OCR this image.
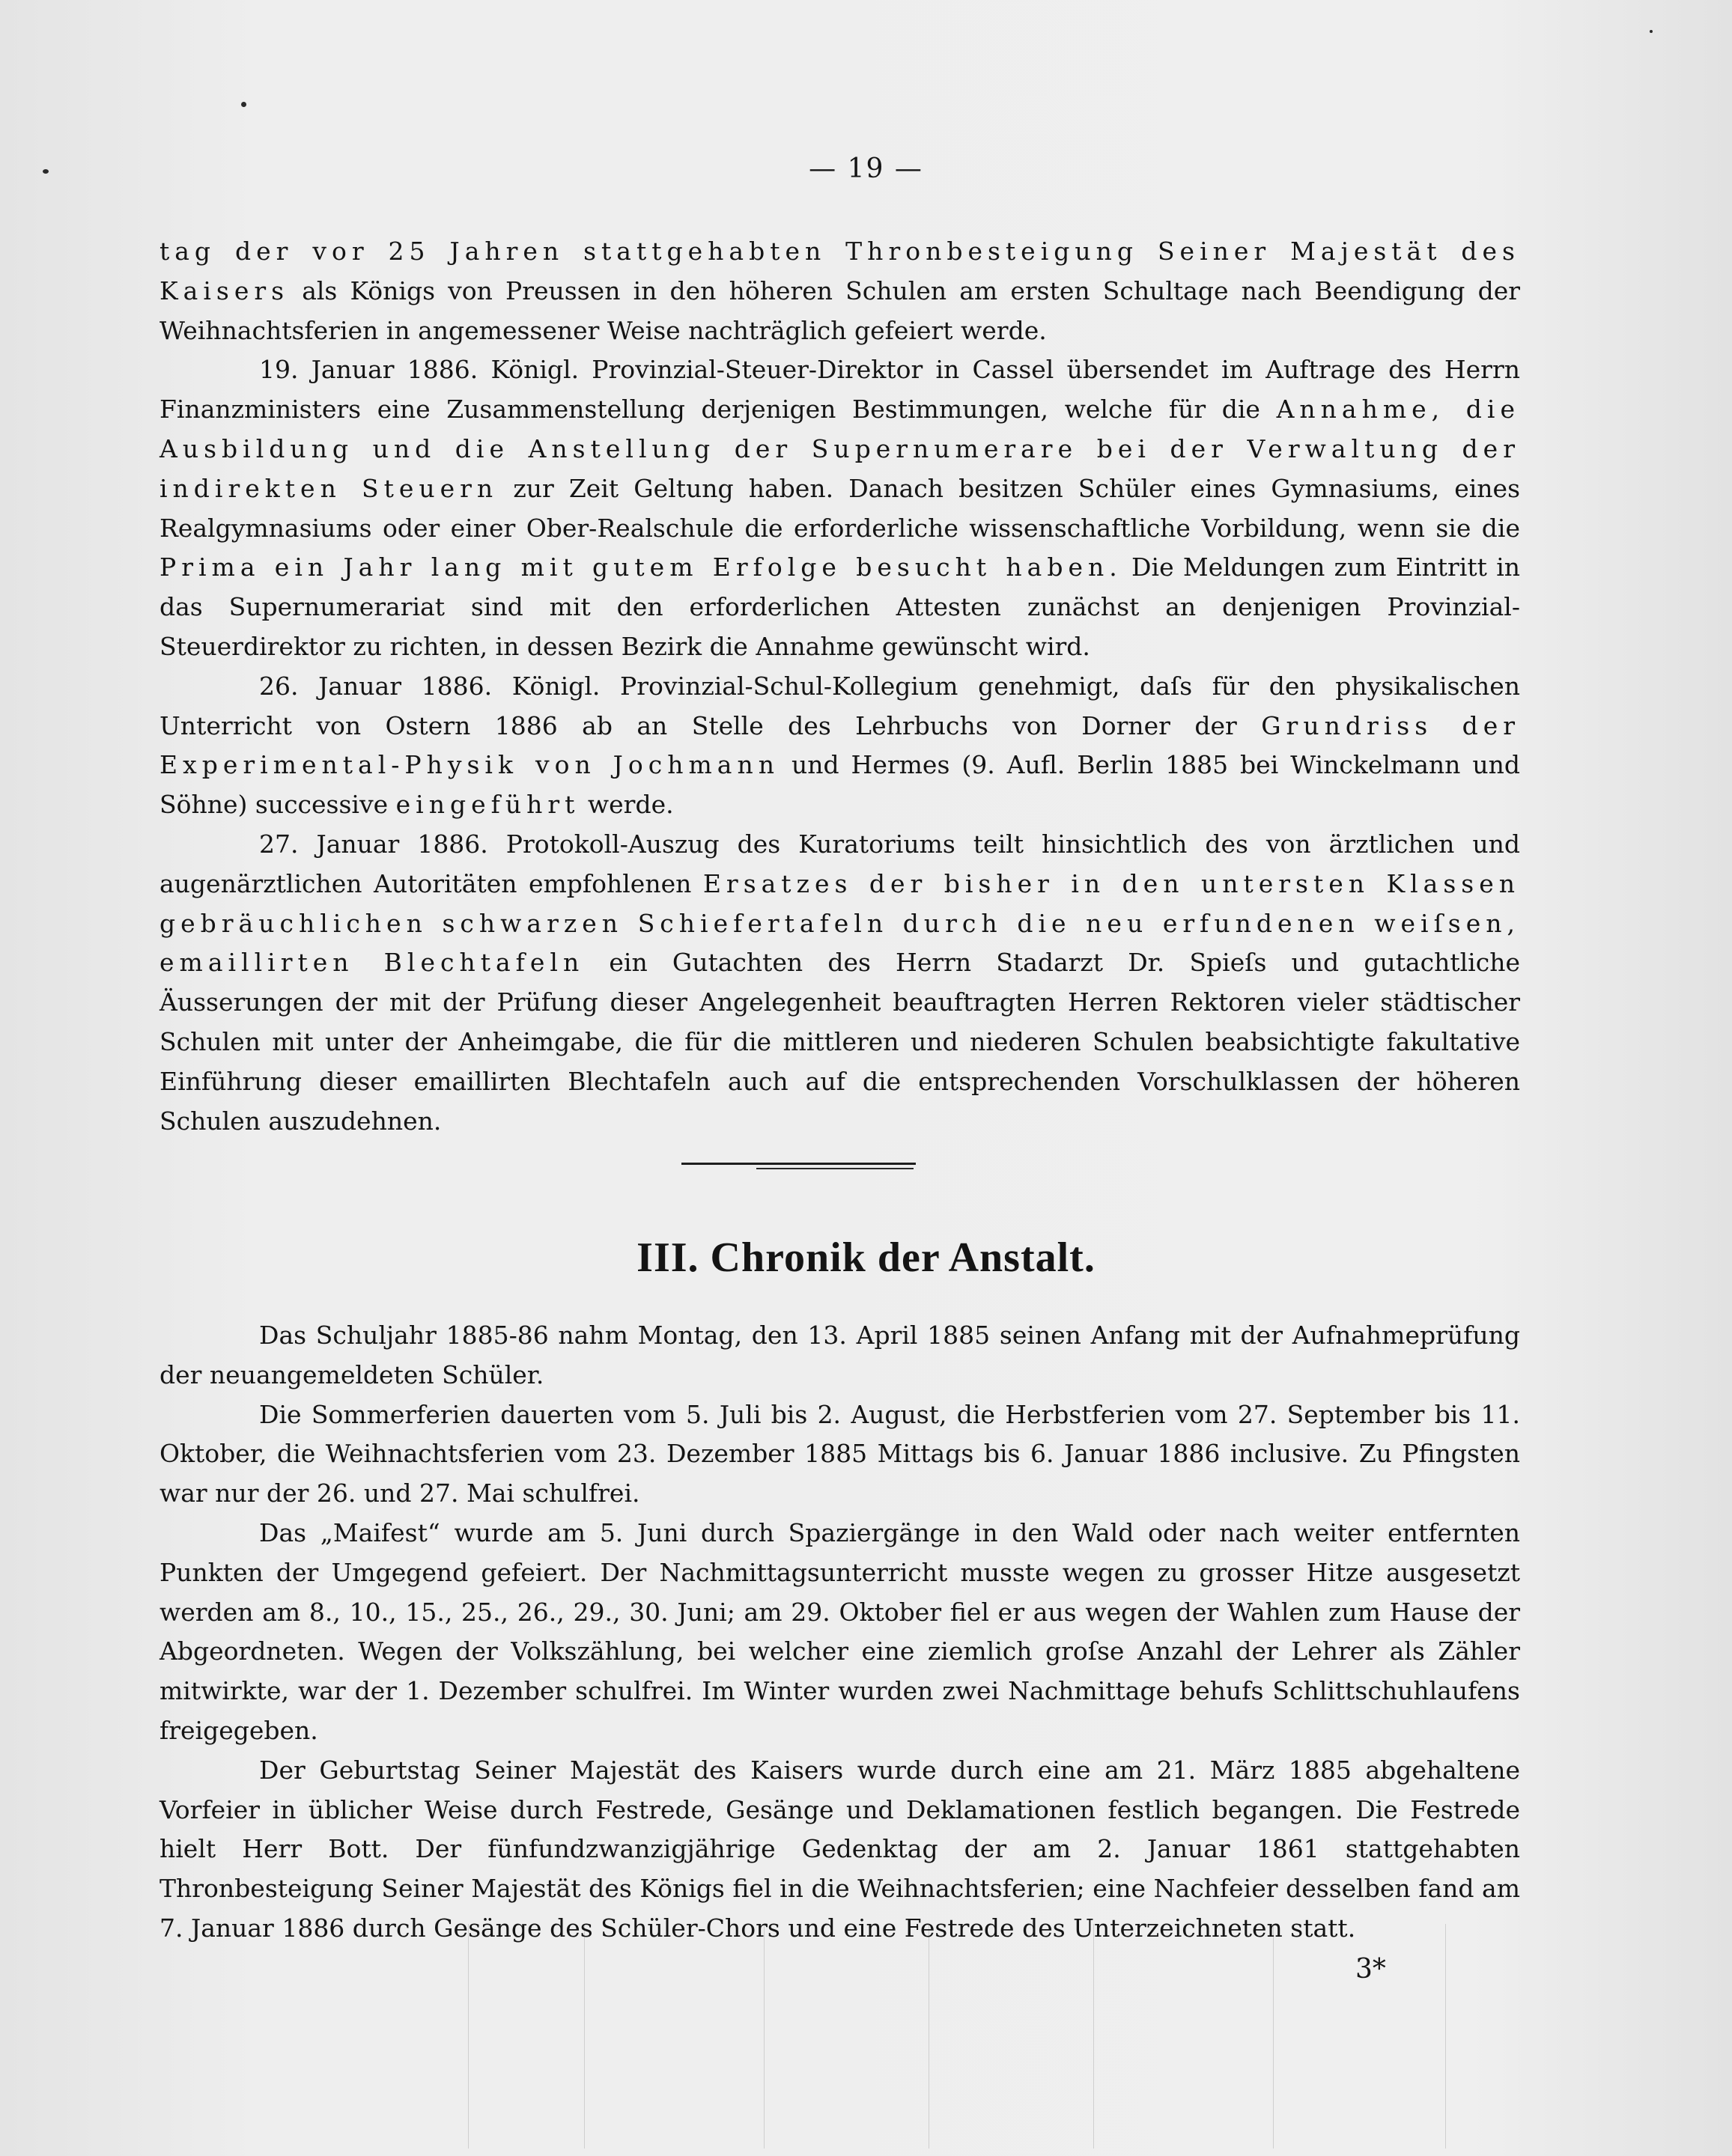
— 19 —

tag der vor 25 Jahren stattgehabten Thronbesteigung Seiner Majestät des Kaisers als Königs von Preussen in den höheren Schulen am ersten Schultage nach Beendigung der Weihnachtsferien in angemessener Weise nachträglich gefeiert werde.

19. Januar 1886. Königl. Provinzial-Steuer-Direktor in Cassel übersendet im Auftrage des Herrn Finanzministers eine Zusammenstellung derjenigen Bestimmungen, welche für die Annahme, die Ausbildung und die Anstellung der Supernumerare bei der Verwaltung der indirekten Steuern zur Zeit Geltung haben. Danach besitzen Schüler eines Gymnasiums, eines Realgymnasiums oder einer Ober-Realschule die erforderliche wissenschaftliche Vorbildung, wenn sie die Prima ein Jahr lang mit gutem Erfolge besucht haben. Die Meldungen zum Eintritt in das Supernumerariat sind mit den erforderlichen Attesten zunächst an denjenigen Provinzial-Steuerdirektor zu richten, in dessen Bezirk die Annahme gewünscht wird.

26. Januar 1886. Königl. Provinzial-Schul-Kollegium genehmigt, daſs für den physikalischen Unterricht von Ostern 1886 ab an Stelle des Lehrbuchs von Dorner der Grundriss der Experimental-Physik von Jochmann und Hermes (9. Aufl. Berlin 1885 bei Winckelmann und Söhne) successive eingeführt werde.

27. Januar 1886. Protokoll-Auszug des Kuratoriums teilt hinsichtlich des von ärztlichen und augenärztlichen Autoritäten empfohlenen Ersatzes der bisher in den untersten Klassen gebräuchlichen schwarzen Schiefertafeln durch die neu erfundenen weiſsen, emaillirten Blechtafeln ein Gutachten des Herrn Stadarzt Dr. Spieſs und gutachtliche Äusserungen der mit der Prüfung dieser Angelegenheit beauftragten Herren Rektoren vieler städtischer Schulen mit unter der Anheimgabe, die für die mittleren und niederen Schulen beabsichtigte fakultative Einführung dieser emaillirten Blechtafeln auch auf die entsprechenden Vorschulklassen der höheren Schulen auszudehnen.

III. Chronik der Anstalt.

Das Schuljahr 1885-86 nahm Montag, den 13. April 1885 seinen Anfang mit der Aufnahmeprüfung der neuangemeldeten Schüler.

Die Sommerferien dauerten vom 5. Juli bis 2. August, die Herbstferien vom 27. September bis 11. Oktober, die Weihnachtsferien vom 23. Dezember 1885 Mittags bis 6. Januar 1886 inclusive. Zu Pfingsten war nur der 26. und 27. Mai schulfrei.

Das „Maifest“ wurde am 5. Juni durch Spaziergänge in den Wald oder nach weiter entfernten Punkten der Umgegend gefeiert. Der Nachmittagsunterricht musste wegen zu grosser Hitze ausgesetzt werden am 8., 10., 15., 25., 26., 29., 30. Juni; am 29. Oktober fiel er aus wegen der Wahlen zum Hause der Abgeordneten. Wegen der Volkszählung, bei welcher eine ziemlich groſse Anzahl der Lehrer als Zähler mitwirkte, war der 1. Dezember schulfrei. Im Winter wurden zwei Nachmittage behufs Schlittschuhlaufens freigegeben.

Der Geburtstag Seiner Majestät des Kaisers wurde durch eine am 21. März 1885 abgehaltene Vorfeier in üblicher Weise durch Festrede, Gesänge und Deklamationen festlich begangen. Die Festrede hielt Herr Bott. Der fünfundzwanzigjährige Gedenktag der am 2. Januar 1861 stattgehabten Thronbesteigung Seiner Majestät des Königs fiel in die Weihnachtsferien; eine Nachfeier desselben fand am 7. Januar 1886 durch Gesänge des Schüler-Chors und eine Festrede des Unterzeichneten statt.

3*
